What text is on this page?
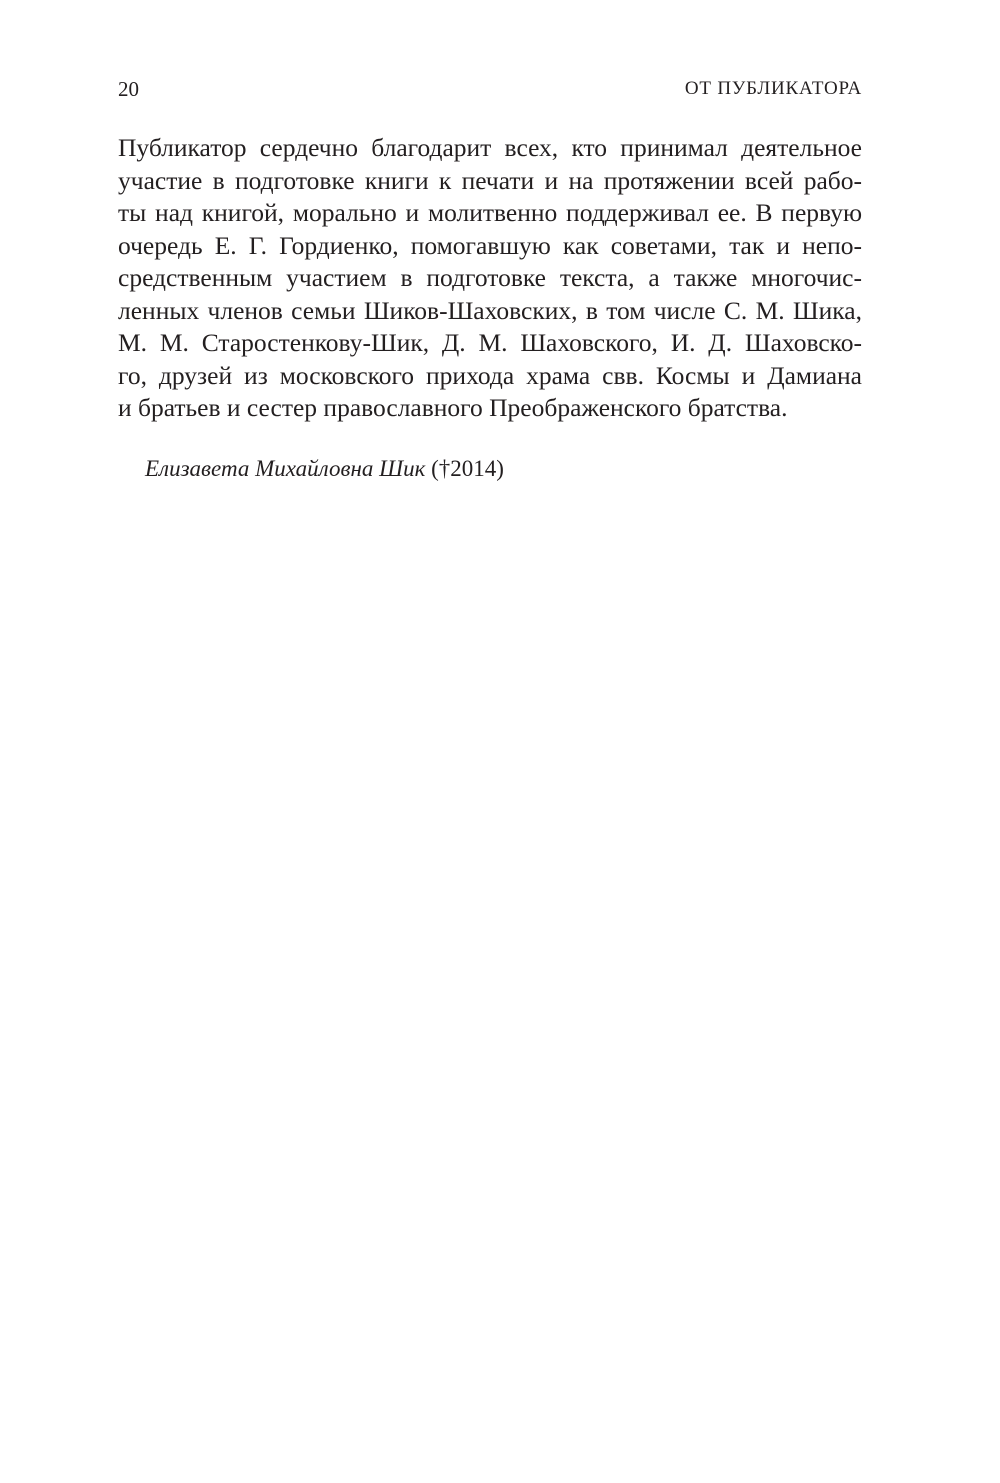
20	ОТ ПУБЛИКАТОРА
Публикатор сердечно благодарит всех, кто принимал деятельное
участие в подготовке книги к печати и на протяжении всей рабо-
ты над книгой, морально и молитвенно поддерживал ее. В первую
очередь Е. Г. Гордиенко, помогавшую как советами, так и непо-
средственным участием в подготовке текста, а также многочис-
ленных членов семьи Шиков-Шаховских, в том числе С. М. Шика,
М. М. Старостенкову-Шик, Д. М. Шаховского, И. Д. Шаховско-
го, друзей из московского прихода храма свв. Космы и Дамиана
и братьев и сестер православного Преображенского братства.
Елизавета Михайловна Шик (†2014)
